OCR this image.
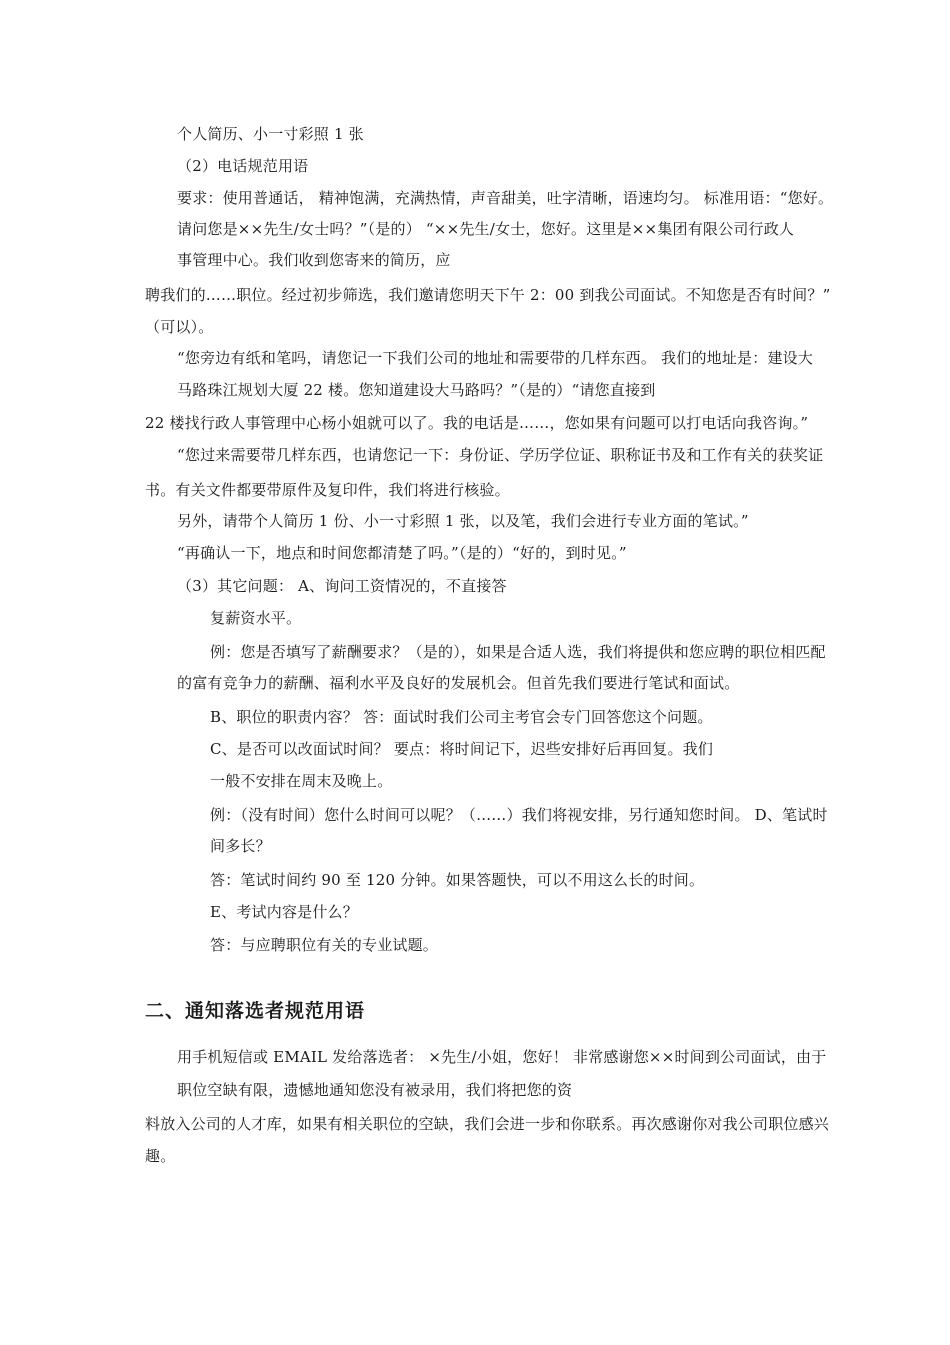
个人简历、小一寸彩照 1 张
（2）电话规范用语
要求：使用普通话， 精神饱满，充满热情，声音甜美，吐字清晰，语速均匀。 标准用语：“您好。
请问您是××先生/女士吗？”（是的） “××先生/女士，您好。这里是××集团有限公司行政人
事管理中心。我们收到您寄来的简历，应
聘我们的……职位。经过初步筛选，我们邀请您明天下午 2：00 到我公司面试。不知您是否有时间？”
（可以）。
“您旁边有纸和笔吗，请您记一下我们公司的地址和需要带的几样东西。 我们的地址是：建设大
马路珠江规划大厦 22 楼。您知道建设大马路吗？”（是的）“请您直接到
22 楼找行政人事管理中心杨小姐就可以了。我的电话是……，您如果有问题可以打电话向我咨询。”
“您过来需要带几样东西，也请您记一下：身份证、学历学位证、职称证书及和工作有关的获奖证
书。有关文件都要带原件及复印件，我们将进行核验。
另外，请带个人简历 1 份、小一寸彩照 1 张，以及笔，我们会进行专业方面的笔试。”
“再确认一下，地点和时间您都清楚了吗。”（是的）“好的，到时见。”
（3）其它问题： A、询问工资情况的，不直接答
复薪资水平。
例：您是否填写了薪酬要求？（是的），如果是合适人选，我们将提供和您应聘的职位相匹配
的富有竞争力的薪酬、福利水平及良好的发展机会。但首先我们要进行笔试和面试。
B、职位的职责内容？ 答：面试时我们公司主考官会专门回答您这个问题。
C、是否可以改面试时间？ 要点：将时间记下，迟些安排好后再回复。我们
一般不安排在周末及晚上。
例：（没有时间）您什么时间可以呢？（……）我们将视安排，另行通知您时间。 D、笔试时
间多长？
答：笔试时间约 90 至 120 分钟。如果答题快，可以不用这么长的时间。
E、考试内容是什么？
答：与应聘职位有关的专业试题。
二、通知落选者规范用语
用手机短信或 EMAIL 发给落选者： ×先生/小姐，您好！ 非常感谢您××时间到公司面试，由于
职位空缺有限，遗憾地通知您没有被录用，我们将把您的资
料放入公司的人才库，如果有相关职位的空缺，我们会进一步和你联系。再次感谢你对我公司职位感兴
趣。
